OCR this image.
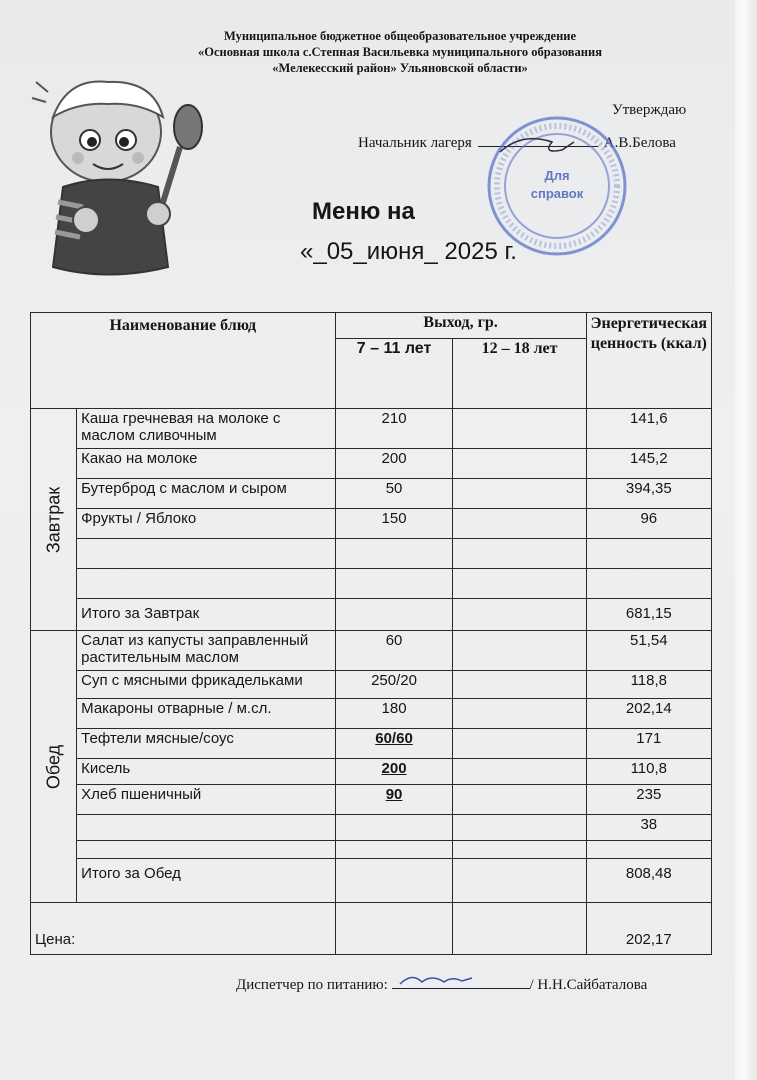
Муниципальное бюджетное общеобразовательное учреждение
«Основная школа с.Степная Васильевка муниципального образования
«Мелекесский район» Ульяновской области»
Утверждаю
Начальник лагеря	А.В.Белова
Для
справок
Меню на
«_05_июня_ 2025 г.
Наименование блюд		Выход, гр.		Энергетическая ценность (ккал)
		7 – 11 лет	12 – 18 лет	

Завтрак	Каша гречневая на молоке с маслом сливочным	210		141,6
	Какао на молоке	200		145,2
	Бутерброд с маслом и сыром	50		394,35
	Фрукты / Яблоко	150		96

	Итого за Завтрак			681,15

Обед	Салат из капусты заправленный растительным маслом	60		51,54
	Суп с мясными фрикадельками	250/20		118,8
	Макароны отварные / м.сл.	180		202,14
	Тефтели мясные/соус	60/60		171
	Кисель	200		110,8
	Хлеб пшеничный	90		235
				38

	Итого за Обед			808,48
Цена:				202,17
Диспетчер по питанию:	/ Н.Н.Сайбаталова
